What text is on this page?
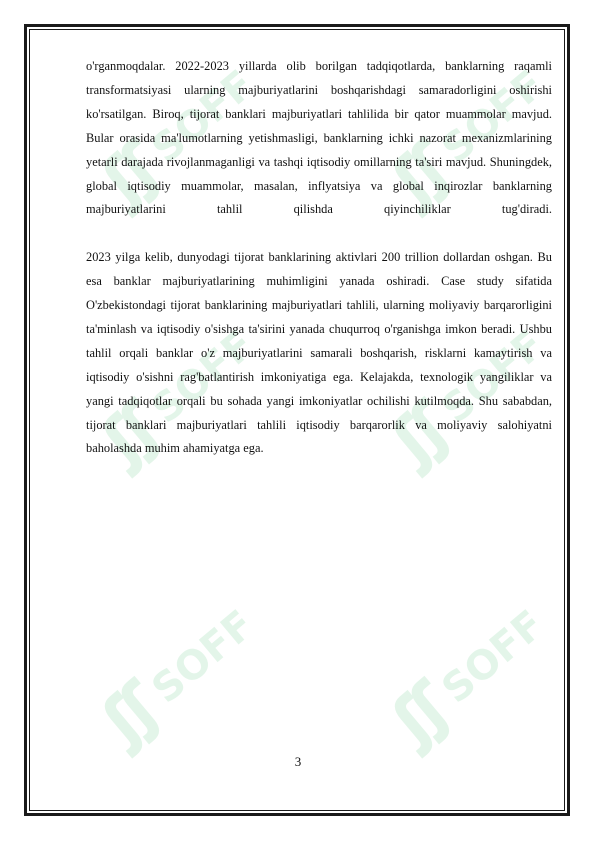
SOFF	SOFF
SOFF	SOFF
SOFF	SOFF

o'rganmoqdalar. 2022-2023 yillarda olib borilgan tadqiqotlarda, banklarning raqamli transformatsiyasi ularning majburiyatlarini boshqarishdagi samaradorligini oshirishi ko'rsatilgan. Biroq, tijorat banklari majburiyatlari tahlilida bir qator muammolar mavjud. Bular orasida ma'lumotlarning yetishmasligi, banklarning ichki nazorat mexanizmlarining yetarli darajada rivojlanmaganligi va tashqi iqtisodiy omillarning ta'siri mavjud. Shuningdek, global iqtisodiy muammolar, masalan, inflyatsiya va global inqirozlar banklarning majburiyatlarini tahlil qilishda qiyinchiliklar tug'diradi.

2023 yilga kelib, dunyodagi tijorat banklarining aktivlari 200 trillion dollardan oshgan. Bu esa banklar majburiyatlarining muhimligini yanada oshiradi. Case study sifatida O'zbekistondagi tijorat banklarining majburiyatlari tahlili, ularning moliyaviy barqarorligini ta'minlash va iqtisodiy o'sishga ta'sirini yanada chuqurroq o'rganishga imkon beradi. Ushbu tahlil orqali banklar o'z majburiyatlarini samarali boshqarish, risklarni kamaytirish va iqtisodiy o'sishni rag'batlantirish imkoniyatiga ega. Kelajakda, texnologik yangiliklar va yangi tadqiqotlar orqali bu sohada yangi imkoniyatlar ochilishi kutilmoqda. Shu sababdan, tijorat banklari majburiyatlari tahlili iqtisodiy barqarorlik va moliyaviy salohiyatni baholashda muhim ahamiyatga ega.

3
